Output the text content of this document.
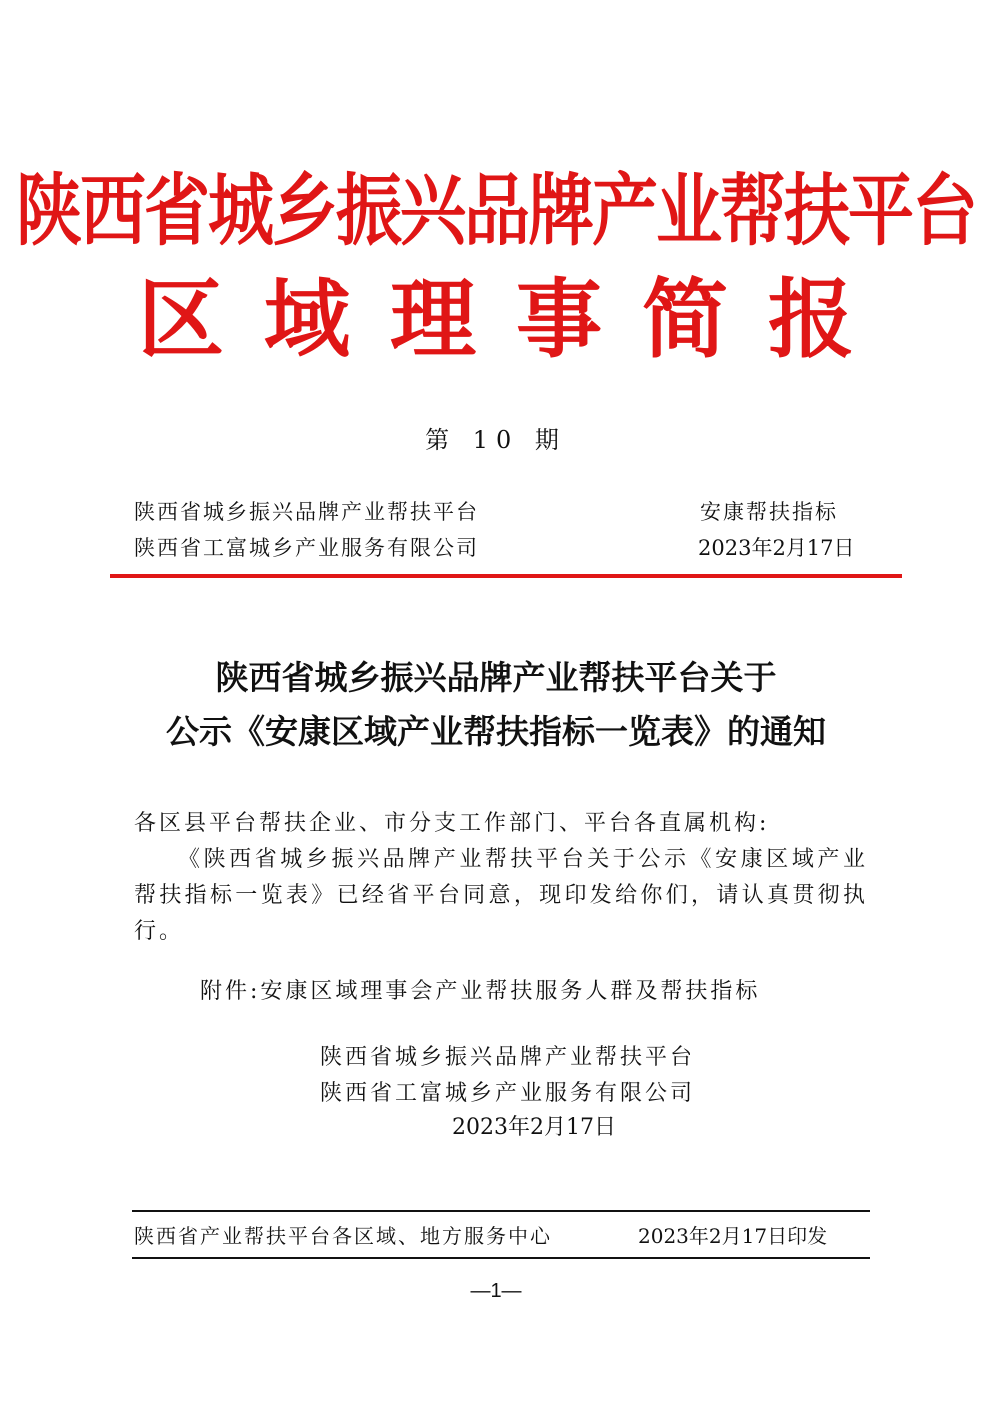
陕西省城乡振兴品牌产业帮扶平台
区域理事简报
第 10 期
陕西省城乡振兴品牌产业帮扶平台	安康帮扶指标
陕西省工富城乡产业服务有限公司	2023年2月17日
陕西省城乡振兴品牌产业帮扶平台关于
公示《安康区域产业帮扶指标一览表》的通知
各区县平台帮扶企业、市分支工作部门、平台各直属机构:
《陕西省城乡振兴品牌产业帮扶平台关于公示《安康区域产业帮扶指标一览表》已经省平台同意，现印发给你们，请认真贯彻执行。
附件:安康区域理事会产业帮扶服务人群及帮扶指标
陕西省城乡振兴品牌产业帮扶平台
陕西省工富城乡产业服务有限公司
2023年2月17日
陕西省产业帮扶平台各区域、地方服务中心	2023年2月17日印发
—1—
